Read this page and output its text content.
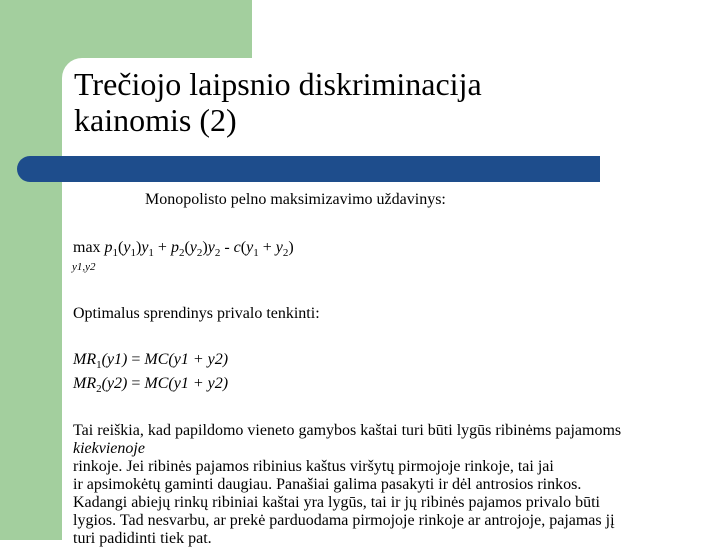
Trečiojo laipsnio diskriminacija
kainomis (2)
Monopolisto pelno maksimizavimo uždavinys:
$\max p_1(y_1)y_1 + p_2(y_2)y_2 - c(y_1 + y_2)$
y1,y2
Optimalus sprendinys privalo tenkinti:
$MR_1(y1) = MC(y1 + y2)$
$MR_2(y2) = MC(y1 + y2)$

Tai reiškia, kad papildomo vieneto gamybos kaštai turi būti lygūs ribinėms pajamoms
kiekvienoje
rinkoje. Jei ribinės pajamos ribinius kaštus viršytų pirmojoje rinkoje, tai jai
ir apsimokėtų gaminti daugiau. Panašiai galima pasakyti ir dėl antrosios rinkos.
Kadangi abiejų rinkų ribiniai kaštai yra lygūs, tai ir jų ribinės pajamos privalo būti
lygios. Tad nesvarbu, ar prekė parduodama pirmojoje rinkoje ar antrojoje, pajamas jį
turi padidinti tiek pat.
